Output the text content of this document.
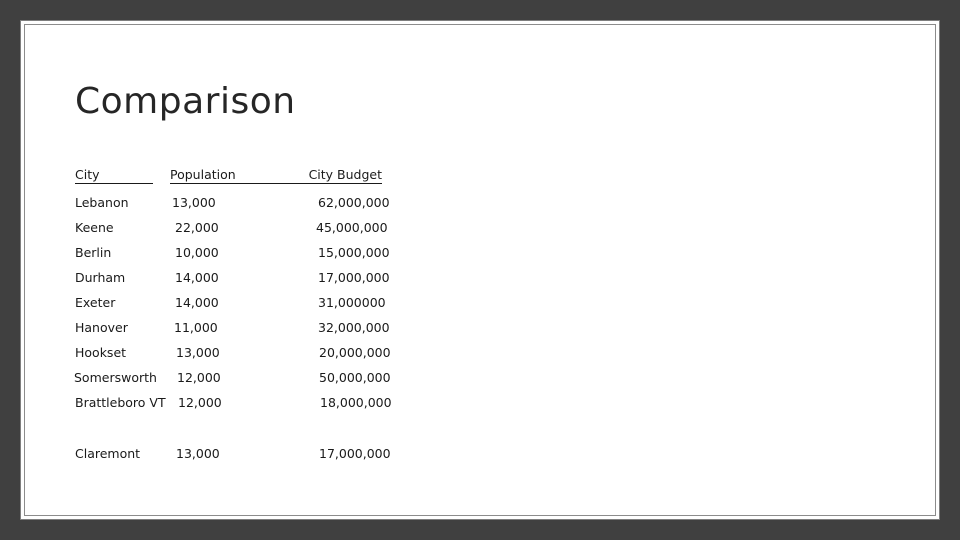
Comparison
City	Population	City Budget
Lebanon	13,000	62,000,000
Keene	22,000	45,000,000
Berlin	10,000	15,000,000
Durham	14,000	17,000,000
Exeter	14,000	31,000000
Hanover	11,000	32,000,000
Hookset	13,000	20,000,000
Somersworth 12,000	50,000,000
Brattleboro VT 12,000	18,000,000
Claremont	13,000	17,000,000
